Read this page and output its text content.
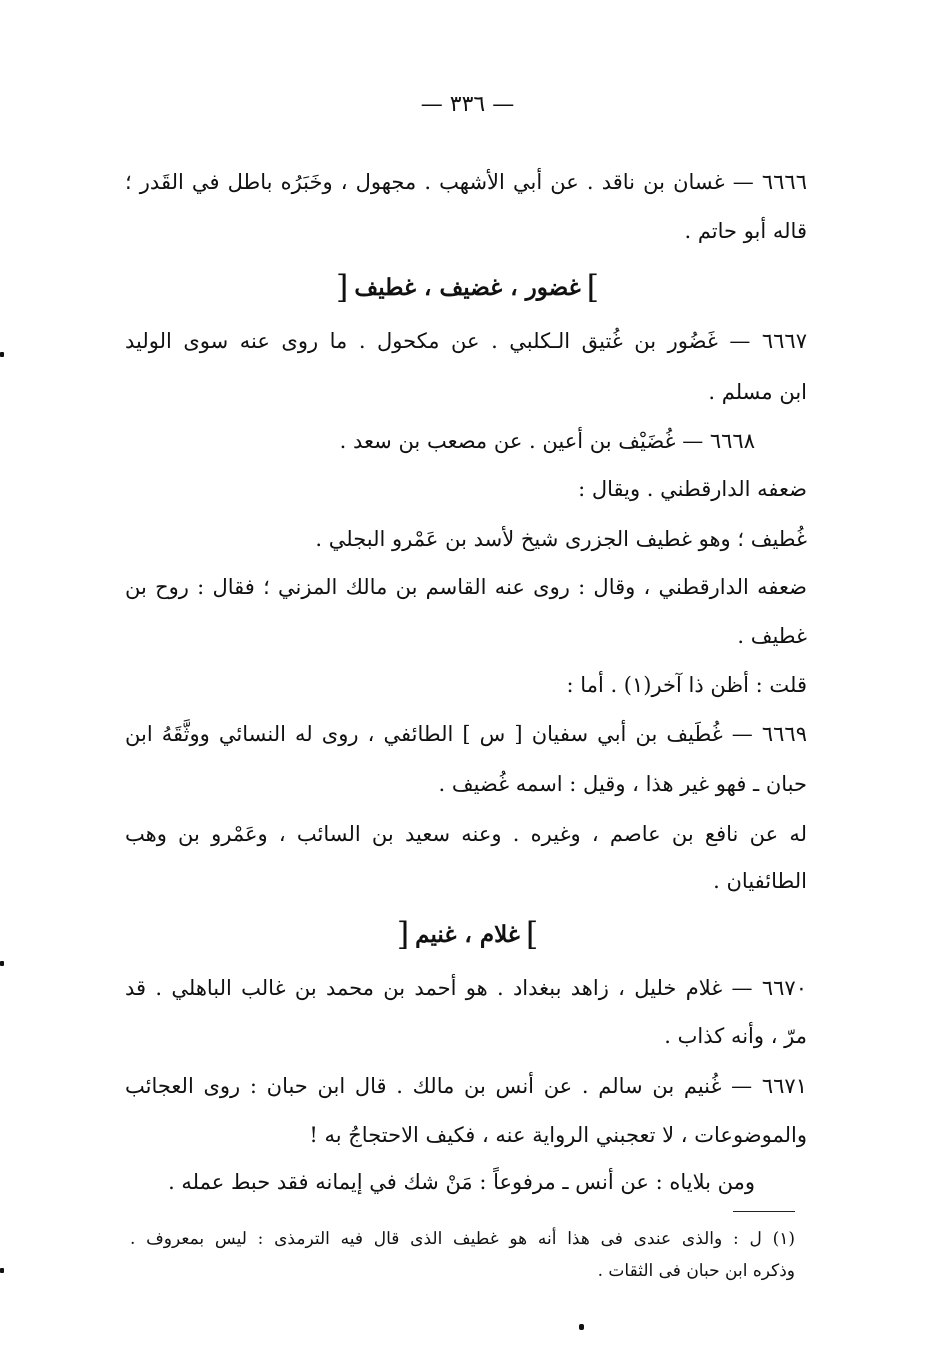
— ٣٣٦ —
٦٦٦٦ — غسان بن ناقد . عن أبي الأشهب . مجهول ، وخَبَرُه باطل في القَدر ؛
قاله أبو حاتم .
]غضور ، غضيف ، غطيف[
٦٦٦٧ — غَضُور بن غُتيق الـكلبي . عن مكحول . ما روى عنه سوى الوليد
ابن مسلم .
٦٦٦٨ — غُضَيْف بن أعين . عن مصعب بن سعد .
ضعفه الدارقطني . ويقال :
غُطيف ؛ وهو غطيف الجزرى شيخ لأسد بن عَمْرو البجلي .
ضعفه الدارقطني ، وقال : روى عنه القاسم بن مالك المزني ؛ فقال : روح بن
غطيف .
قلت : أظن ذا آخر(١) . أما :
٦٦٦٩ — غُطَيف بن أبي سفيان [ س ] الطائفي ، روى له النسائي ووثَّقَهُ ابن
حبان ـ فهو غير هذا ، وقيل : اسمه غُضيف .
له عن نافع بن عاصم ، وغيره . وعنه سعيد بن السائب ، وعَمْرو بن وهب
الطائفيان .
]غلام ، غنيم[
٦٦٧٠ — غلام خليل ، زاهد ببغداد . هو أحمد بن محمد بن غالب الباهلي . قد
مرّ ، وأنه كذاب .
٦٦٧١ — غُنيم بن سالم . عن أنس بن مالك . قال ابن حبان : روى العجائب
والموضوعات ، لا تعجبني الرواية عنه ، فكيف الاحتجاجُ به !
ومن بلاياه : عن أنس ـ مرفوعاً : مَنْ شك في إيمانه فقد حبط عمله .
(١) ل : والذى عندى فى هذا أنه هو غطيف الذى قال فيه الترمذى : ليس بمعروف .
وذكره ابن حبان فى الثقات .
